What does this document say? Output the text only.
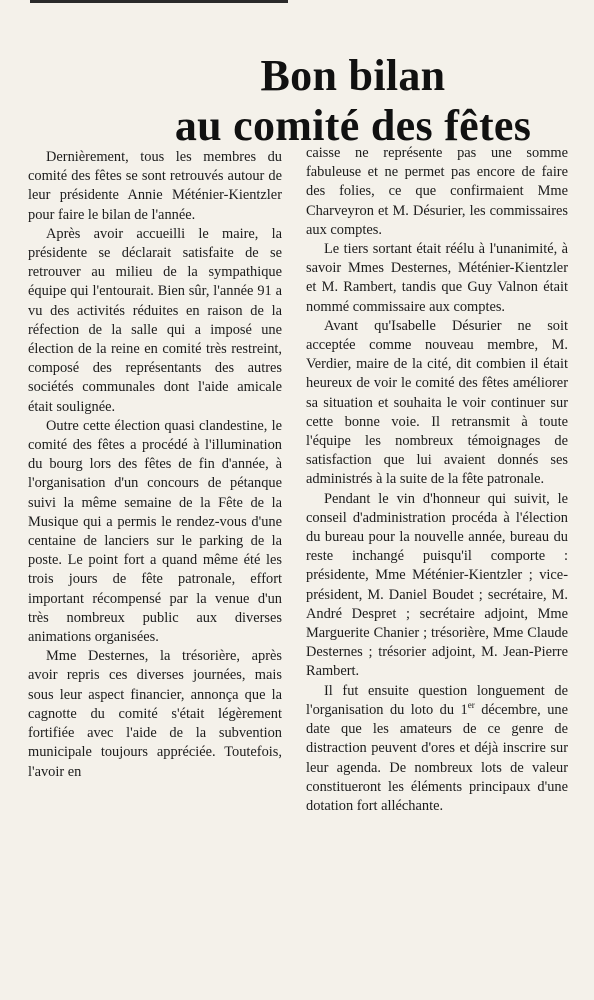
Bon bilan
au comité des fêtes

Dernièrement, tous les membres du comité des fêtes se sont retrouvés autour de leur présidente Annie Méténier-Kientzler pour faire le bilan de l'année.

Après avoir accueilli le maire, la présidente se déclarait satisfaite de se retrouver au milieu de la sympathique équipe qui l'entourait. Bien sûr, l'année 91 a vu des activités réduites en raison de la réfection de la salle qui a imposé une élection de la reine en comité très restreint, composé des représentants des autres sociétés communales dont l'aide amicale était soulignée.

Outre cette élection quasi clandestine, le comité des fêtes a procédé à l'illumination du bourg lors des fêtes de fin d'année, à l'organisation d'un concours de pétanque suivi la même semaine de la Fête de la Musique qui a permis le rendez-vous d'une centaine de lanciers sur le parking de la poste. Le point fort a quand même été les trois jours de fête patronale, effort important récompensé par la venue d'un très nombreux public aux diverses animations organisées.

Mme Desternes, la trésorière, après avoir repris ces diverses journées, mais sous leur aspect financier, annonça que la cagnotte du comité s'était légèrement fortifiée avec l'aide de la subvention municipale toujours appréciée. Toutefois, l'avoir en

caisse ne représente pas une somme fabuleuse et ne permet pas encore de faire des folies, ce que confirmaient Mme Charveyron et M. Désurier, les commissaires aux comptes.

Le tiers sortant était réélu à l'unanimité, à savoir Mmes Desternes, Méténier-Kientzler et M. Rambert, tandis que Guy Valnon était nommé commissaire aux comptes.

Avant qu'Isabelle Désurier ne soit acceptée comme nouveau membre, M. Verdier, maire de la cité, dit combien il était heureux de voir le comité des fêtes améliorer sa situation et souhaita le voir continuer sur cette bonne voie. Il retransmit à toute l'équipe les nombreux témoignages de satisfaction que lui avaient donnés ses administrés à la suite de la fête patronale.

Pendant le vin d'honneur qui suivit, le conseil d'administration procéda à l'élection du bureau pour la nouvelle année, bureau du reste inchangé puisqu'il comporte : présidente, Mme Méténier-Kientzler ; vice-président, M. Daniel Boudet ; secrétaire, M. André Despret ; secrétaire adjoint, Mme Marguerite Chanier ; trésorière, Mme Claude Desternes ; trésorier adjoint, M. Jean-Pierre Rambert.

Il fut ensuite question longuement de l'organisation du loto du 1er décembre, une date que les amateurs de ce genre de distraction peuvent d'ores et déjà inscrire sur leur agenda. De nombreux lots de valeur constitueront les éléments principaux d'une dotation fort alléchante.
